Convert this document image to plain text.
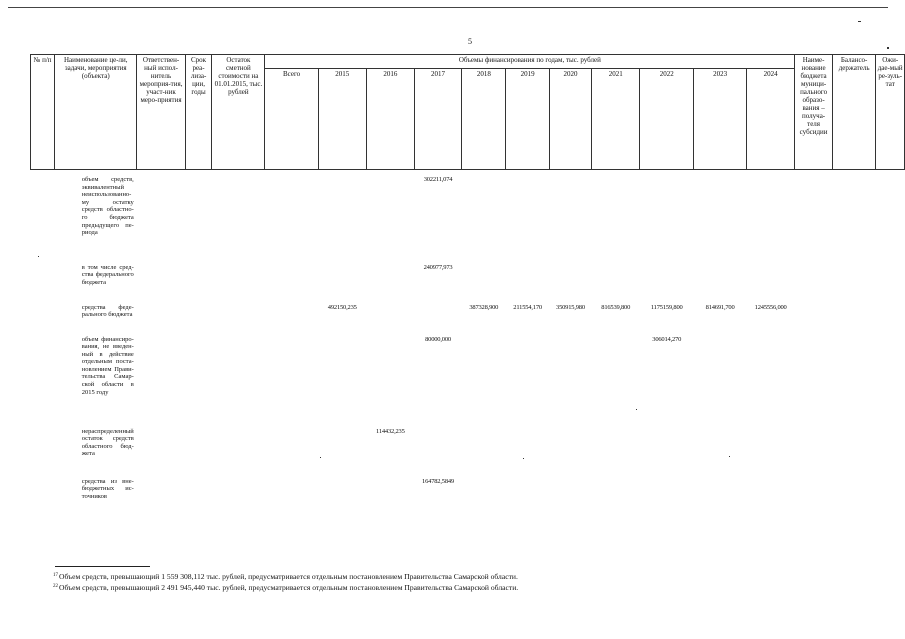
5
№ п/п	Наименование це-ли, задачи, мероприятия (объекта)	Ответствен-ный испол-нитель мероприя-тия, участ-ник меро-приятия	Срок реа-лиза-ции, годы	Остаток сметной стоимости на 01.01.2015, тыс. рублей	Объемы финансирования по годам, тыс. рублей											Наиме-нование бюджета муници-пального образо-вания – получа-теля субсидии	Балансо-держатель	Ожи-дае-мый ре-зуль-тат
					Всего	2015	2016	2017	2018	2019	2020	2021	2022	2023	2024			
	объем средств, эквивалентный неиспользованно-му остатку средств областно-го бюджета предыдущего пе-риода							302211,074										
	в том числе сред-ства федерального бюджета							240977,973										
	средства феде-рального бюджета					492150,235			387328,900	211554,170	350915,980	816539,800	1175159,800	814691,700	1245556,000			
	объем финансиро-вания, не введен-ный в действие отдельным поста-новлением Прави-тельства Самар-ской области в 2015 году							80000,000					306014,270					
	нераспределенный остаток средств областного бюд-жета						114432,235											
	средства из вне-бюджетных ис-точников							164782,5849										
$^{17}$Объем средств, превышающий 1 559 308,112 тыс. рублей, предусматривается отдельным постановлением Правительства Самарской области.
$^{22}$Объем средств, превышающий 2 491 945,440 тыс. рублей, предусматривается отдельным постановлением Правительства Самарской области.
